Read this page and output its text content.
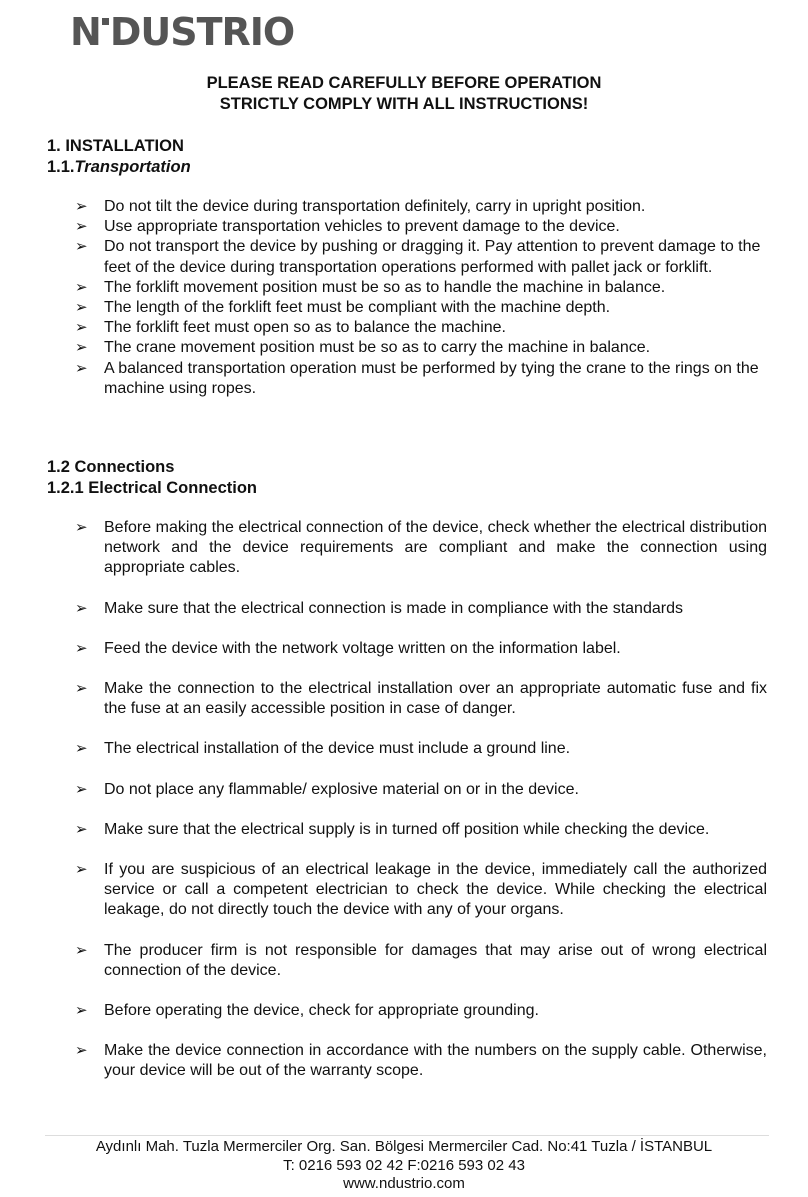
N DUSTRIO
PLEASE READ CAREFULLY BEFORE OPERATION
STRICTLY COMPLY WITH ALL INSTRUCTIONS!
1. INSTALLATION
1.1.Transportation
➢ Do not tilt the device during transportation definitely, carry in upright position.
➢ Use appropriate transportation vehicles to prevent damage to the device.
➢ Do not transport the device by pushing or dragging it. Pay attention to prevent damage to the feet of the device during transportation operations performed with pallet jack or forklift.
➢ The forklift movement position must be so as to handle the machine in balance.
➢ The length of the forklift feet must be compliant with the machine depth.
➢ The forklift feet must open so as to balance the machine.
➢ The crane movement position must be so as to carry the machine in balance.
➢ A balanced transportation operation must be performed by tying the crane to the rings on the machine using ropes.
1.2 Connections
1.2.1 Electrical Connection
➢ Before making the electrical connection of the device, check whether the electrical distribution network and the device requirements are compliant and make the connection using appropriate cables.
➢ Make sure that the electrical connection is made in compliance with the standards
➢ Feed the device with the network voltage written on the information label.
➢ Make the connection to the electrical installation over an appropriate automatic fuse and fix the fuse at an easily accessible position in case of danger.
➢ The electrical installation of the device must include a ground line.
➢ Do not place any flammable/ explosive material on or in the device.
➢ Make sure that the electrical supply is in turned off position while checking the device.
➢ If you are suspicious of an electrical leakage in the device, immediately call the authorized service or call a competent electrician to check the device. While checking the electrical leakage, do not directly touch the device with any of your organs.
➢ The producer firm is not responsible for damages that may arise out of wrong electrical connection of the device.
➢ Before operating the device, check for appropriate grounding.
➢ Make the device connection in accordance with the numbers on the supply cable. Otherwise, your device will be out of the warranty scope.
Aydınlı Mah. Tuzla Mermerciler Org. San. Bölgesi Mermerciler Cad. No:41 Tuzla / İSTANBUL
T: 0216 593 02 42 F:0216 593 02 43
www.ndustrio.com
